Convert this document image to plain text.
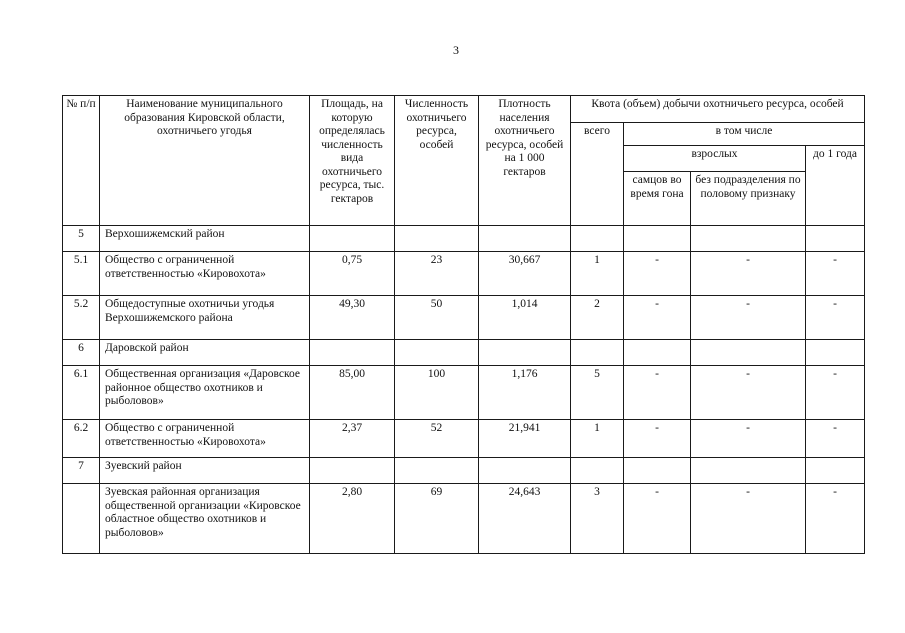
3
№ п/п	Наименование муниципального образования Кировской области, охотничьего угодья	Площадь, на которую определялась численность вида охотничьего ресурса, тыс. гектаров	Численность охотничьего ресурса, особей	Плотность населения охотничьего ресурса, особей на 1 000 гектаров	Квота (объем) добычи охотничьего ресурса, особей			
					всего	в том числе		
						взрослых		до 1 года
						самцов во время гона	без подразделения по половому признаку	
5	Верхошижемский район							
5.1	Общество с ограниченной ответственностью «Кировохота»	0,75	23	30,667	1	-	-	-
5.2	Общедоступные охотничьи угодья Верхошижемского района	49,30	50	1,014	2	-	-	-
6	Даровской район							
6.1	Общественная организация «Даровское районное общество охотников и рыболовов»	85,00	100	1,176	5	-	-	-
6.2	Общество с ограниченной ответственностью «Кировохота»	2,37	52	21,941	1	-	-	-
7	Зуевский район							
	Зуевская районная организация общественной организации «Кировское областное общество охотников и рыболовов»	2,80	69	24,643	3	-	-	-
